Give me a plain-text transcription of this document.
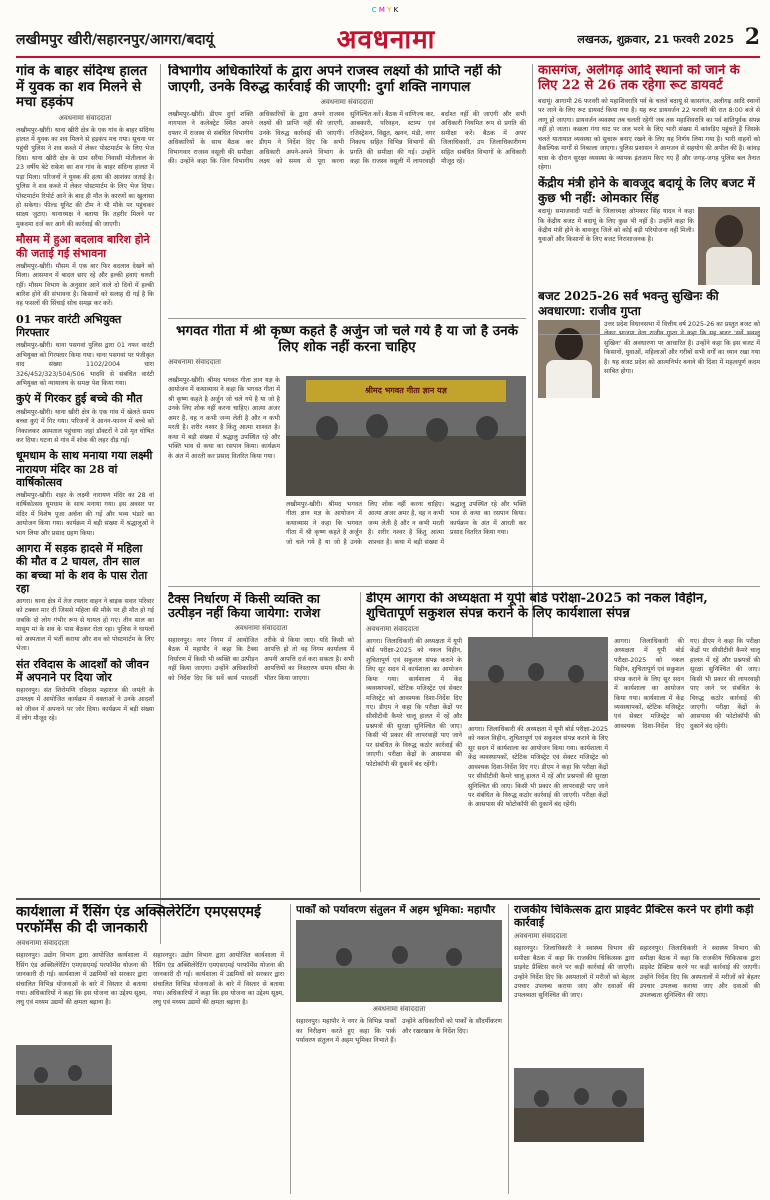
C M Y K
लखीमपुर खीरी/सहारनपुर/आगरा/बदायूं	अवधनामा	लखनऊ, शुक्रवार, 21 फरवरी 2025 2
गांव के बाहर संदिग्ध हालत में युवक का शव मिलने से मचा हड़कंप
अवधनामा संवाददाता

लखीमपुर-खीरी। थाना खीरी क्षेत्र के एक गांव के बाहर संदिग्ध हालत में युवक का शव मिलने से हड़कंप मच गया। सूचना पर पहुंची पुलिस ने शव कब्जे में लेकर पोस्टमार्टम के लिए भेज दिया। थाना खीरी क्षेत्र के ग्राम सरैंया निवासी मोतीलाल के 23 वर्षीय बेटे राकेश का शव गांव के बाहर संदिग्ध हालत में पड़ा मिला। परिजनों ने युवक की हत्या की आशंका जताई है। पुलिस ने शव कब्जे में लेकर पोस्टमार्टम के लिए भेज दिया। पोस्टमार्टम रिपोर्ट आने के बाद ही मौत के कारणों का खुलासा हो सकेगा। फील्ड यूनिट की टीम ने भी मौके पर पहुंचकर साक्ष्य जुटाए। थानाध्यक्ष ने बताया कि तहरीर मिलने पर मुकदमा दर्ज कर आगे की कार्रवाई की जाएगी।

मौसम में हुआ बदलाव बारिश होने की जताई गई संभावना

लखीमपुर-खीरी। मौसम में एक बार फिर बदलाव देखने को मिला। आसमान में बादल छाए रहे और हल्की हवाएं चलती रहीं। मौसम विभाग के अनुसार आने वाले दो दिनों में हल्की बारिश होने की संभावना है। किसानों को सलाह दी गई है कि वह फसलों की सिंचाई सोच समझ कर करें।

01 नफर वारंटी अभियुक्त गिरफ्तार

लखीमपुर-खीरी। थाना पसगवां पुलिस द्वारा 01 नफर वारंटी अभियुक्त को गिरफ्तार किया गया। थाना पसगवां पर पंजीकृत वाद संख्या 1102/2004 धारा 326/452/323/504/506 भादवि से संबंधित वारंटी अभियुक्त को न्यायालय के समक्ष पेश किया गया।

कुएं में गिरकर हुई बच्चे की मौत

लखीमपुर-खीरी। थाना खीरी क्षेत्र के एक गांव में खेलते समय बच्चा कुएं में गिर गया। परिजनों ने आनन-फानन में बच्चे को निकालकर अस्पताल पहुंचाया जहां डॉक्टरों ने उसे मृत घोषित कर दिया। घटना से गांव में शोक की लहर दौड़ गई।

धूमधाम के साथ मनाया गया लक्ष्मी नारायण मंदिर का 28 वां वार्षिकोत्सव

लखीमपुर-खीरी। शहर के लक्ष्मी नारायण मंदिर का 28 वां वार्षिकोत्सव धूमधाम के साथ मनाया गया। इस अवसर पर मंदिर में विशेष पूजा अर्चना की गई और भव्य भंडारे का आयोजन किया गया। कार्यक्रम में बड़ी संख्या में श्रद्धालुओं ने भाग लिया और प्रसाद ग्रहण किया।

आगरा में सड़क हादसे में महिला की मौत व 2 घायल, तीन साल का बच्चा मां के शव के पास रोता रहा

आगरा। थाना क्षेत्र में तेज रफ्तार वाहन ने बाइक सवार परिवार को टक्कर मार दी जिससे महिला की मौके पर ही मौत हो गई जबकि दो लोग गंभीर रूप से घायल हो गए। तीन साल का मासूम मां के शव के पास बैठकर रोता रहा। पुलिस ने घायलों को अस्पताल में भर्ती कराया और शव को पोस्टमार्टम के लिए भेजा।

संत रविदास के आदर्शों को जीवन में अपनाने पर दिया जोर

सहारनपुर। संत शिरोमणि रविदास महाराज की जयंती के उपलक्ष्य में आयोजित कार्यक्रम में वक्ताओं ने उनके आदर्शों को जीवन में अपनाने पर जोर दिया। कार्यक्रम में बड़ी संख्या में लोग मौजूद रहे।

विभागीय अधिकारियों के द्वारा अपने राजस्व लक्ष्यों की प्राप्ति नहीं की जाएगी, उनके विरुद्ध कार्रवाई की जाएगी: दुर्गा शक्ति नागपाल
अवधनामा संवाददाता

लखीमपुर-खीरी। डीएम दुर्गा शक्ति नागपाल ने कलेक्ट्रेट स्थित अपने दफ्तर में राजस्व से संबंधित विभागीय अधिकारियों के साथ बैठक कर विभागवार राजस्व वसूली की समीक्षा की। उन्होंने कहा कि जिन विभागीय अधिकारियों के द्वारा अपने राजस्व लक्ष्यों की प्राप्ति नहीं की जाएगी, उनके विरुद्ध कार्रवाई की जाएगी। डीएम ने निर्देश दिए कि सभी अधिकारी अपने-अपने विभाग के लक्ष्य को समय से पूरा करना सुनिश्चित करें। बैठक में वाणिज्य कर, आबकारी, परिवहन, स्टाम्प एवं रजिस्ट्रेशन, विद्युत, खनन, मंडी, नगर निकाय सहित विभिन्न विभागों की प्रगति की समीक्षा की गई। उन्होंने कहा कि राजस्व वसूली में लापरवाही बर्दाश्त नहीं की जाएगी और सभी अधिकारी नियमित रूप से प्रगति की समीक्षा करें। बैठक में अपर जिलाधिकारी, उप जिलाधिकारीगण सहित संबंधित विभागों के अधिकारी मौजूद रहे।

कासगंज, अलीगढ़ आदि स्थानों को जाने के लिए 22 से 26 तक रहेगा रूट डायवर्ट

बदायूं। आगामी 26 फरवरी को महाशिवरात्रि पर्व के चलते बदायूं से कासगंज, अलीगढ़ आदि स्थानों पर जाने के लिए रूट डायवर्ट किया गया है। यह रूट डायवर्जन 22 फरवरी की रात 8:00 बजे से लागू हो जाएगा। डायवर्जन व्यवस्था तब चलती रहेगी जब तक महाशिवरात्रि का पर्व शांतिपूर्वक संपन्न नहीं हो जाता। कछला गंगा घाट पर जल भरने के लिए भारी संख्या में कांवड़िए पहुंचते हैं जिसके चलते यातायात व्यवस्था को सुचारू बनाए रखने के लिए यह निर्णय लिया गया है। भारी वाहनों को वैकल्पिक मार्गों से निकाला जाएगा। पुलिस प्रशासन ने आमजन से सहयोग की अपील की है। कांवड़ यात्रा के दौरान सुरक्षा व्यवस्था के व्यापक इंतजाम किए गए हैं और जगह-जगह पुलिस बल तैनात रहेगा।

केंद्रीय मंत्री होने के बावजूद बदायूं के लिए बजट में कुछ भी नहीं: ओमकार सिंह

बदायूं। समाजवादी पार्टी के जिलाध्यक्ष ओमकार सिंह यादव ने कहा कि केंद्रीय बजट में बदायूं के लिए कुछ भी नहीं है। उन्होंने कहा कि केंद्रीय मंत्री होने के बावजूद जिले को कोई बड़ी परियोजना नहीं मिली। युवाओं और किसानों के लिए बजट निराशाजनक है।

बजट 2025-26 सर्व भवन्तु सुखिनः की अवधारणा: राजीव गुप्ता

उत्तर प्रदेश विधानसभा में वित्तीय वर्ष 2025-26 का प्रस्तुत बजट को सुखिनः' की अवधारणा पर आधारित है। उन्होंने कहा कि इस बजट में किसानों, युवाओं, महिलाओं और गरीबों सभी वर्गों का ध्यान रखा गया है। यह बजट प्रदेश को आत्मनिर्भर बनाने की दिशा में महत्वपूर्ण कदम साबित होगा।

भगवत गीता में श्री कृष्ण कहते है अर्जुन जो चले गये है या जो है उनके लिए शोक नहीं करना चाहिए
अवधनामा संवाददाता

लखीमपुर-खीरी। श्रीमद भगवत गीता ज्ञान यज्ञ के आयोजन में कथाव्यास ने कहा कि भगवत गीता में श्री कृष्ण कहते है अर्जुन जो चले गये है या जो है उनके लिए शोक नहीं करना चाहिए। आत्मा अजर अमर है, वह न कभी जन्म लेती है और न कभी मरती है। शरीर नश्वर है किंतु आत्मा शाश्वत है। कथा में बड़ी संख्या में श्रद्धालु उपस्थित रहे और भक्ति भाव से कथा का रसपान किया। कार्यक्रम के अंत में आरती कर प्रसाद वितरित किया गया।

श्रीमद भगवत गीता ज्ञान यज्ञ

लखीमपुर-खीरी। श्रीमद भगवत गीता ज्ञान यज्ञ के आयोजन में कथाव्यास ने कहा कि भगवत गीता में श्री कृष्ण कहते है अर्जुन जो चले गये है या जो है उनके लिए शोक नहीं करना चाहिए। आत्मा अजर अमर है, वह न कभी जन्म लेती है और न कभी मरती है। शरीर नश्वर है किंतु आत्मा शाश्वत है। कथा में बड़ी संख्या में श्रद्धालु उपस्थित रहे और भक्ति भाव से कथा का रसपान किया। कार्यक्रम के अंत में आरती कर प्रसाद वितरित किया गया।

टैक्स निर्धारण में किसी व्यक्ति का उत्पीड़न नहीं किया जायेगा: राजेश
अवधनामा संवाददाता

सहारनपुर। नगर निगम में आयोजित बैठक में महापौर ने कहा कि टैक्स निर्धारण में किसी भी व्यक्ति का उत्पीड़न नहीं किया जाएगा। उन्होंने अधिकारियों को निर्देश दिए कि सर्वे कार्य पारदर्शी तरीके से किया जाए। यदि किसी को आपत्ति हो तो वह निगम कार्यालय में अपनी आपत्ति दर्ज करा सकता है। सभी आपत्तियों का निस्तारण समय सीमा के भीतर किया जाएगा।

डीएम आगरा की अध्यक्षता में यूपी बोर्ड परीक्षा-2025 को नकल विहीन, शुचितापूर्ण सकुशल संपन्न कराने के लिए कार्यशाला संपन्न
अवधनामा संवाददाता

आगरा। जिलाधिकारी की अध्यक्षता में यूपी बोर्ड परीक्षा-2025 को नकल विहीन, शुचितापूर्ण एवं सकुशल संपन्न कराने के लिए सूर सदन में कार्यशाला का आयोजन किया गया। कार्यशाला में केंद्र व्यवस्थापकों, स्टेटिक मजिस्ट्रेट एवं सेक्टर मजिस्ट्रेट को आवश्यक दिशा-निर्देश दिए गए। डीएम ने कहा कि परीक्षा केंद्रों पर सीसीटीवी कैमरे चालू हालत में रहें और प्रश्नपत्रों की सुरक्षा सुनिश्चित की जाए। किसी भी प्रकार की लापरवाही पाए जाने पर संबंधित के विरुद्ध कठोर कार्रवाई की जाएगी। परीक्षा केंद्रों के आसपास की फोटोकॉपी की दुकानें बंद रहेंगी।

आगरा। जिलाधिकारी की अध्यक्षता में यूपी बोर्ड परीक्षा-2025 को नकल विहीन, शुचितापूर्ण एवं सकुशल संपन्न कराने के लिए सूर सदन में कार्यशाला का आयोजन किया गया। कार्यशाला में केंद्र व्यवस्थापकों, स्टेटिक मजिस्ट्रेट एवं सेक्टर मजिस्ट्रेट को आवश्यक दिशा-निर्देश दिए गए। डीएम ने कहा कि परीक्षा केंद्रों पर सीसीटीवी कैमरे चालू हालत में रहें और प्रश्नपत्रों की सुरक्षा सुनिश्चित की जाए। किसी भी प्रकार की लापरवाही पाए जाने पर संबंधित के विरुद्ध कठोर कार्रवाई की जाएगी। परीक्षा केंद्रों के आसपास की फोटोकॉपी की दुकानें बंद रहेंगी।

आगरा। जिलाधिकारी की अध्यक्षता में यूपी बोर्ड परीक्षा-2025 को नकल विहीन, शुचितापूर्ण एवं सकुशल संपन्न कराने के लिए सूर सदन में कार्यशाला का आयोजन किया गया। कार्यशाला में केंद्र व्यवस्थापकों, स्टेटिक मजिस्ट्रेट एवं सेक्टर मजिस्ट्रेट को आवश्यक दिशा-निर्देश दिए गए। डीएम ने कहा कि परीक्षा केंद्रों पर सीसीटीवी कैमरे चालू हालत में रहें और प्रश्नपत्रों की सुरक्षा सुनिश्चित की जाए। किसी भी प्रकार की लापरवाही पाए जाने पर संबंधित के विरुद्ध कठोर कार्रवाई की जाएगी। परीक्षा केंद्रों के आसपास की फोटोकॉपी की दुकानें बंद रहेंगी।

कार्यशाला में रैंसिंग एंड अक्सिलेरेटिंग एमएसएमई परफॉर्मेंस की दी जानकारी
अवधनामा संवाददाता

सहारनपुर। उद्योग विभाग द्वारा आयोजित कार्यशाला में रैंसिंग एंड अक्सिलेरेटिंग एमएसएमई परफॉर्मेंस योजना की जानकारी दी गई। कार्यशाला में उद्यमियों को सरकार द्वारा संचालित विभिन्न योजनाओं के बारे में विस्तार से बताया गया। अधिकारियों ने कहा कि इस योजना का उद्देश्य सूक्ष्म, लघु एवं मध्यम उद्यमों की क्षमता बढ़ाना है।

सहारनपुर। उद्योग विभाग द्वारा आयोजित कार्यशाला में रैंसिंग एंड अक्सिलेरेटिंग एमएसएमई परफॉर्मेंस योजना की जानकारी दी गई। कार्यशाला में उद्यमियों को सरकार द्वारा संचालित विभिन्न योजनाओं के बारे में विस्तार से बताया गया। अधिकारियों ने कहा कि इस योजना का उद्देश्य सूक्ष्म, लघु एवं मध्यम उद्यमों की क्षमता बढ़ाना है।

पार्कों को पर्यावरण संतुलन में अहम भूमिका: महापौर
अवधनामा संवाददाता

सहारनपुर। महापौर ने नगर के विभिन्न पार्कों का निरीक्षण करते हुए कहा कि पार्क पर्यावरण संतुलन में अहम भूमिका निभाते हैं। उन्होंने अधिकारियों को पार्कों के सौंदर्यीकरण और रखरखाव के निर्देश दिए।

राजकीय चिकित्सक द्वारा प्राइवेट प्रैक्टिस करने पर होगी कड़ी कार्रवाई
अवधनामा संवाददाता

सहारनपुर। जिलाधिकारी ने स्वास्थ्य विभाग की समीक्षा बैठक में कहा कि राजकीय चिकित्सक द्वारा प्राइवेट प्रैक्टिस करने पर कड़ी कार्रवाई की जाएगी। उन्होंने निर्देश दिए कि अस्पतालों में मरीजों को बेहतर उपचार उपलब्ध कराया जाए और दवाओं की उपलब्धता सुनिश्चित की जाए।

सहारनपुर। जिलाधिकारी ने स्वास्थ्य विभाग की समीक्षा बैठक में कहा कि राजकीय चिकित्सक द्वारा प्राइवेट प्रैक्टिस करने पर कड़ी कार्रवाई की जाएगी। उन्होंने निर्देश दिए कि अस्पतालों में मरीजों को बेहतर उपचार उपलब्ध कराया जाए और दवाओं की उपलब्धता सुनिश्चित की जाए।
